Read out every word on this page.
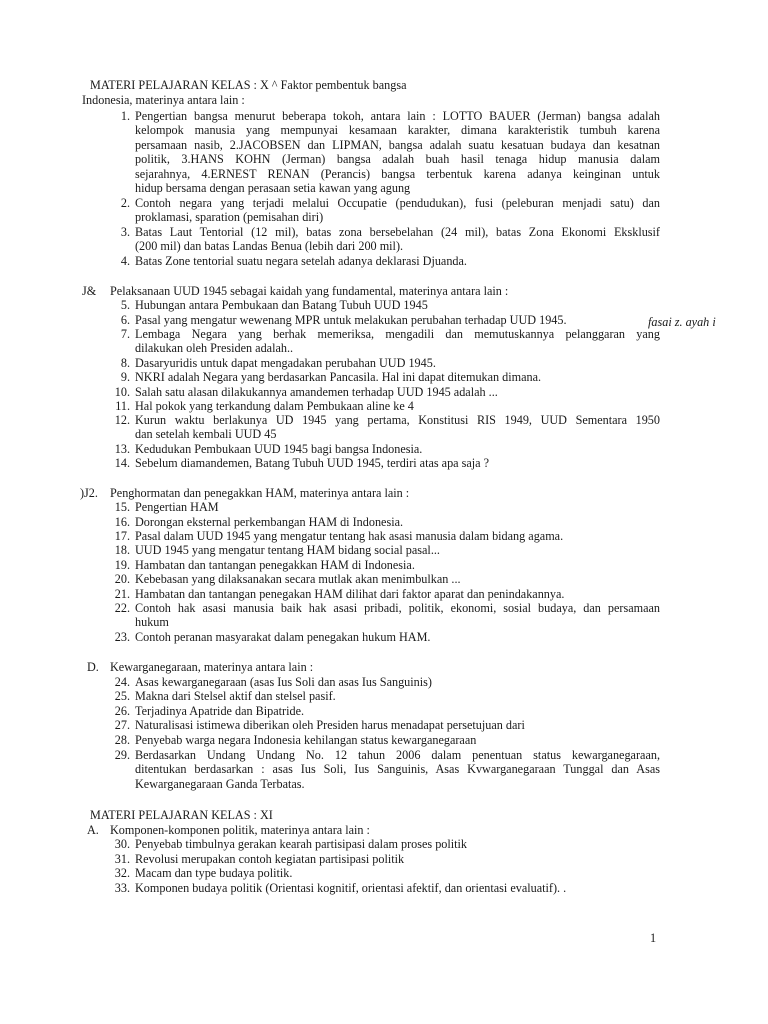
MATERI PELAJARAN KELAS : X ^ Faktor pembentuk bangsa
Indonesia, materinya antara lain :
J& Pelaksanaan UUD 1945 sebagai kaidah yang fundamental, materinya antara lain :
)J2. Penghormatan dan penegakkan HAM, materinya antara lain :
D. Kewarganegaraan, materinya antara lain :
MATERI PELAJARAN KELAS : XI
A. Komponen-komponen politik, materinya antara lain :
1. Pengertian bangsa menurut beberapa tokoh, antara lain : LOTTO BAUER (Jerman) bangsa adalah
kelompok manusia yang mempunyai kesamaan karakter, dimana karakteristik tumbuh karena
persamaan nasib, 2.JACOBSEN dan LIPMAN, bangsa adalah suatu kesatuan budaya dan kesatnan
politik, 3.HANS KOHN (Jerman) bangsa adalah buah hasil tenaga hidup manusia dalam
sejarahnya, 4.ERNEST RENAN (Perancis) bangsa terbentuk karena adanya keinginan untuk
hidup bersama dengan perasaan setia kawan yang agung
2. Contoh negara yang terjadi melalui Occupatie (pendudukan), fusi (peleburan menjadi satu) dan
proklamasi, sparation (pemisahan diri)
3. Batas Laut Tentorial (12 mil), batas zona bersebelahan (24 mil), batas Zona Ekonomi Eksklusif
(200 mil) dan batas Landas Benua (lebih dari 200 mil).
4. Batas Zone tentorial suatu negara setelah adanya deklarasi Djuanda.
5. Hubungan antara Pembukaan dan Batang Tubuh UUD 1945
6. Pasal yang mengatur wewenang MPR untuk melakukan perubahan terhadap UUD 1945.
7. Lembaga Negara yang berhak memeriksa, mengadili dan memutuskannya pelanggaran yang
dilakukan oleh Presiden adalah..
8. Dasaryuridis untuk dapat mengadakan perubahan UUD 1945.
9. NKRI adalah Negara yang berdasarkan Pancasila. Hal ini dapat ditemukan dimana.
10. Salah satu alasan dilakukannya amandemen terhadap UUD 1945 adalah ...
11. Hal pokok yang terkandung dalam Pembukaan aline ke 4
12. Kurun waktu berlakunya UD 1945 yang pertama, Konstitusi RIS 1949, UUD Sementara 1950
dan setelah kembali UUD 45
13. Kedudukan Pembukaan UUD 1945 bagi bangsa Indonesia.
14. Sebelum diamandemen, Batang Tubuh UUD 1945, terdiri atas apa saja ?
15. Pengertian HAM
16. Dorongan eksternal perkembangan HAM di Indonesia.
17. Pasal dalam UUD 1945 yang mengatur tentang hak asasi manusia dalam bidang agama.
18. UUD 1945 yang mengatur tentang HAM bidang social pasal...
19. Hambatan dan tantangan penegakkan HAM di Indonesia.
20. Kebebasan yang dilaksanakan secara mutlak akan menimbulkan ...
21. Hambatan dan tantangan penegakan HAM dilihat dari faktor aparat dan penindakannya.
22. Contoh hak asasi manusia baik hak asasi pribadi, politik, ekonomi, sosial budaya, dan persamaan
hukum
23. Contoh peranan masyarakat dalam penegakan hukum HAM.
24. Asas kewarganegaraan (asas Ius Soli dan asas Ius Sanguinis)
25. Makna dari Stelsel aktif dan stelsel pasif.
26. Terjadinya Apatride dan Bipatride.
27. Naturalisasi istimewa diberikan oleh Presiden harus menadapat persetujuan dari
28. Penyebab warga negara Indonesia kehilangan status kewarganegaraan
29. Berdasarkan Undang Undang No. 12 tahun 2006 dalam penentuan status kewarganegaraan,
ditentukan berdasarkan : asas Ius Soli, Ius Sanguinis, Asas Kvwarganegaraan Tunggal dan Asas
Kewarganegaraan Ganda Terbatas.
30. Penyebab timbulnya gerakan kearah partisipasi dalam proses politik
31. Revolusi merupakan contoh kegiatan partisipasi politik
32. Macam dan type budaya politik.
33. Komponen budaya politik (Orientasi kognitif, orientasi afektif, dan orientasi evaluatif). .
fasai z. ayah i
1
